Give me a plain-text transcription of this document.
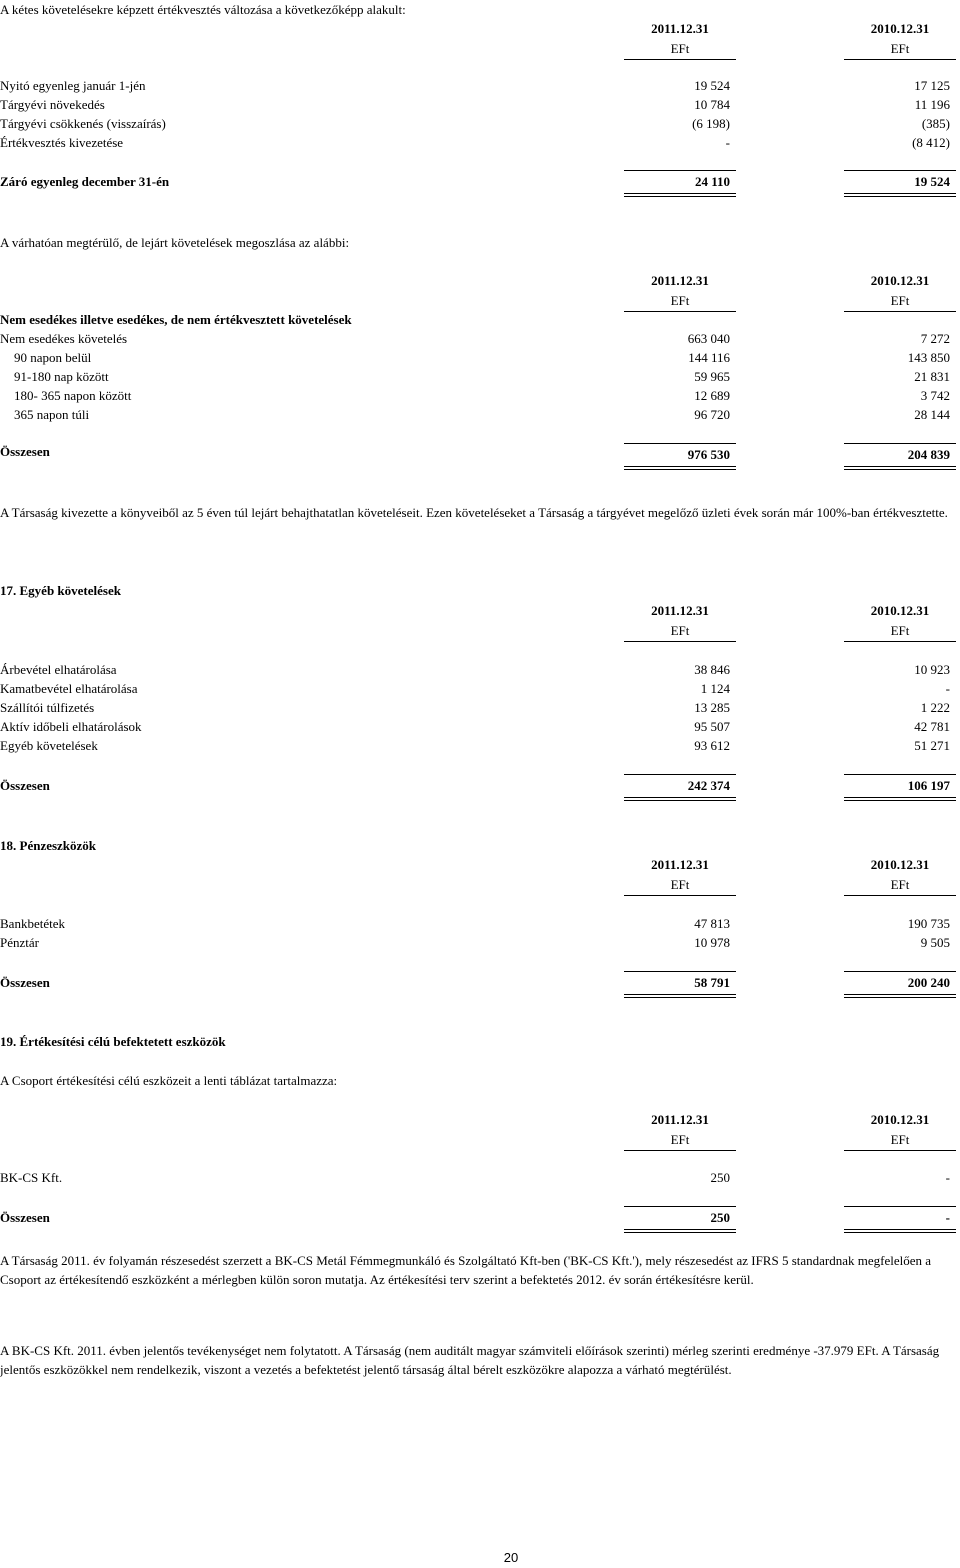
A kétes követelésekre képzett értékvesztés változása a következőképp alakult:
2011.12.31	2010.12.31
EFt	EFt
Nyitó egyenleg január 1-jén	19 524	17 125
Tárgyévi növekedés	10 784	11 196
Tárgyévi csökkenés (visszaírás)	(6 198)	(385)
Értékvesztés kivezetése	-	(8 412)
Záró egyenleg december 31-én	24 110	19 524
A várhatóan megtérülő, de lejárt követelések megoszlása az alábbi:
2011.12.31	2010.12.31
EFt	EFt
Nem esedékes illetve esedékes, de nem értékvesztett követelések
Nem esedékes követelés	663 040	7 272
90 napon belül	144 116	143 850
91-180 nap között	59 965	21 831
180- 365 napon között	12 689	3 742
365 napon túli	96 720	28 144
Összesen	976 530	204 839
A Társaság kivezette a könyveiből az 5 éven túl lejárt behajthatatlan követeléseit. Ezen követeléseket a Társaság a tárgyévet megelőző üzleti évek során már 100%-ban értékvesztette.
17. Egyéb követelések
2011.12.31	2010.12.31
EFt	EFt
Árbevétel elhatárolása	38 846	10 923
Kamatbevétel elhatárolása	1 124	-
Szállítói túlfizetés	13 285	1 222
Aktív időbeli elhatárolások	95 507	42 781
Egyéb követelések	93 612	51 271
Összesen	242 374	106 197
18. Pénzeszközök
2011.12.31	2010.12.31
EFt	EFt
Bankbetétek	47 813	190 735
Pénztár	10 978	9 505
Összesen	58 791	200 240
19. Értékesítési célú befektetett eszközök
A Csoport értékesítési célú eszközeit a lenti táblázat tartalmazza:
2011.12.31	2010.12.31
EFt	EFt
BK-CS Kft.	250	-
Összesen	250	-
A Társaság 2011. év folyamán részesedést szerzett a BK-CS Metál Fémmegmunkáló és Szolgáltató Kft-ben ('BK-CS Kft.'), mely részesedést az IFRS 5 standardnak megfelelően a Csoport az értékesítendő eszközként a mérlegben külön soron mutatja. Az értékesítési terv szerint a befektetés 2012. év során értékesítésre kerül.
A BK-CS Kft. 2011. évben jelentős tevékenységet nem folytatott. A Társaság (nem auditált magyar számviteli előírások szerinti) mérleg szerinti eredménye -37.979 EFt. A Társaság jelentős eszközökkel nem rendelkezik, viszont a vezetés a befektetést jelentő társaság által bérelt eszközökre alapozza a várható megtérülést.
20
